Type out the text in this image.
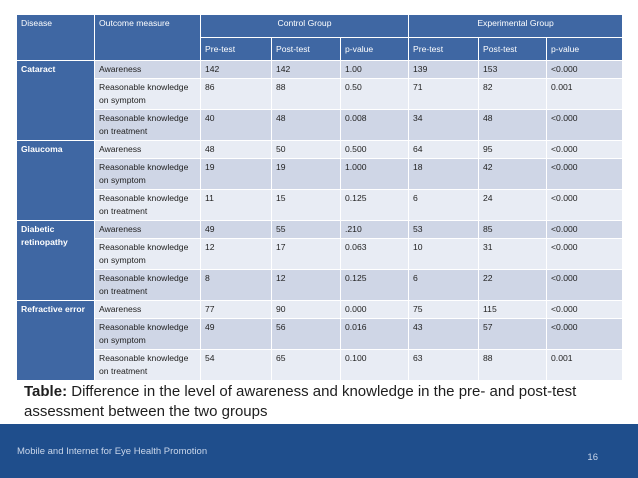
Disease	Outcome measure	Control Group			Experimental Group		
		Pre-test	Post-test	p-value	Pre-test	Post-test	p-value
Cataract	Awareness	142	142	1.00	139	153	<0.000
	Reasonable knowledge on symptom	86	88	0.50	71	82	0.001
	Reasonable knowledge on treatment	40	48	0.008	34	48	<0.000
Glaucoma	Awareness	48	50	0.500	64	95	<0.000
	Reasonable knowledge on symptom	19	19	1.000	18	42	<0.000
	Reasonable knowledge on treatment	11	15	0.125	6	24	<0.000
Diabetic retinopathy	Awareness	49	55	.210	53	85	<0.000
	Reasonable knowledge on symptom	12	17	0.063	10	31	<0.000
	Reasonable knowledge on treatment	8	12	0.125	6	22	<0.000
Refractive error	Awareness	77	90	0.000	75	115	<0.000
	Reasonable knowledge on symptom	49	56	0.016	43	57	<0.000
	Reasonable knowledge on treatment	54	65	0.100	63	88	0.001
Table: Difference in the level of awareness and knowledge in the pre- and post-test assessment between the two groups
Mobile and Internet for Eye Health Promotion
16
